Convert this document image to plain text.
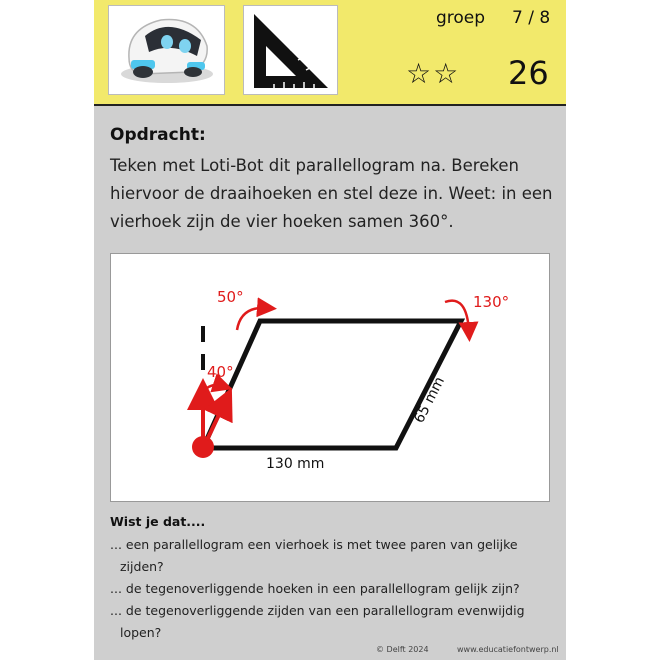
groep 7 / 8
☆☆ 26
Opdracht:
Teken met Loti-Bot dit parallellogram na. Bereken hiervoor de draaihoeken en stel deze in. Weet: in een vierhoek zijn de vier hoeken samen 360°.
50°	130°
40°
130 mm
65 mm
Wist je dat....

... een parallellogram een vierhoek is met twee paren van gelijke
zijden?

... de tegenoverliggende hoeken in een parallellogram gelijk zijn?

... de tegenoverliggende zijden van een parallellogram evenwijdig
lopen?

© Delft 2024	www.educatiefontwerp.nl
